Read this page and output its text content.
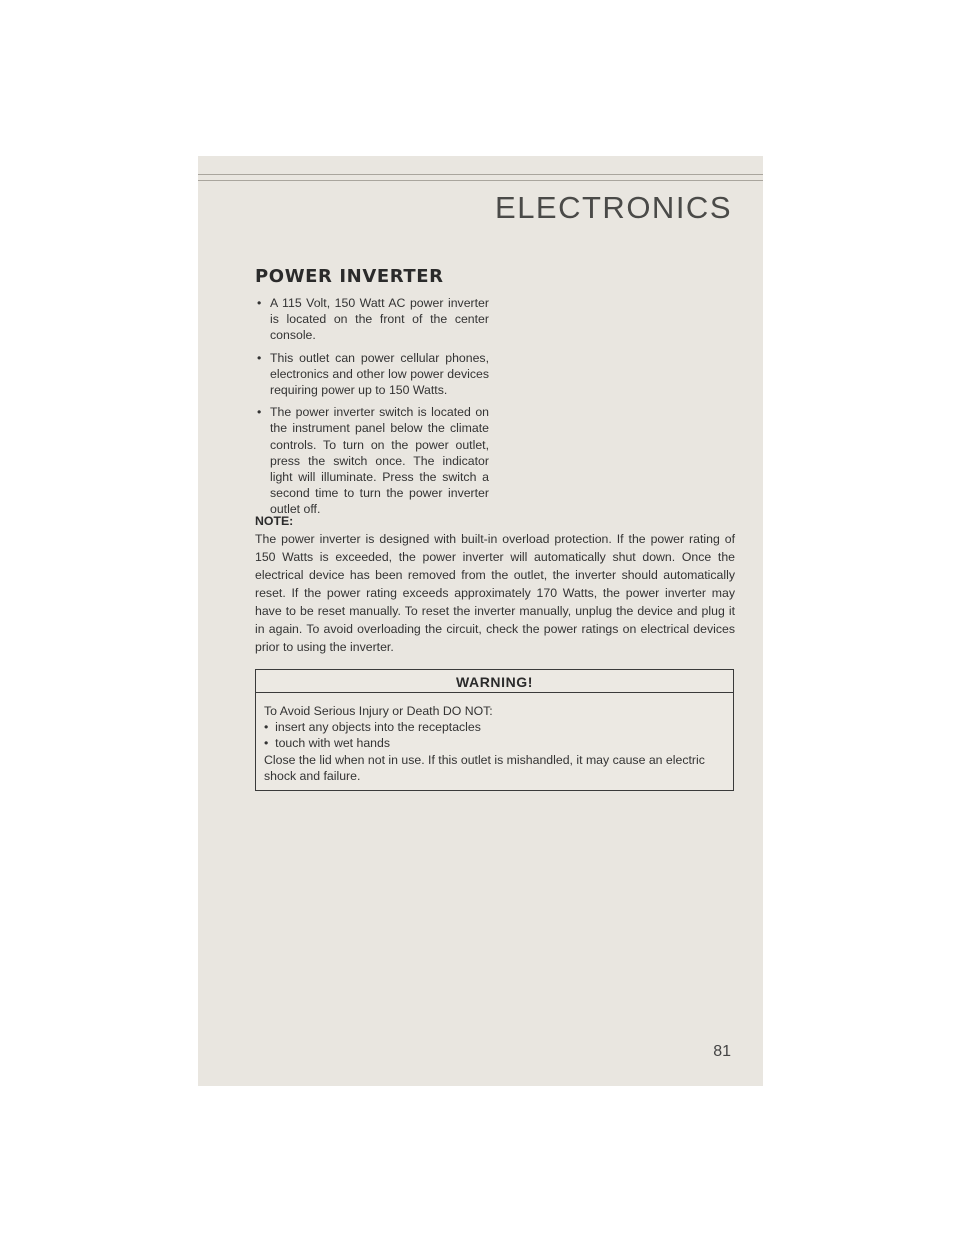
ELECTRONICS
POWER INVERTER
• A 115 Volt, 150 Watt AC power inverter is located on the front of the center console.
• This outlet can power cellular phones, electronics and other low power devices requiring power up to 150 Watts.
• The power inverter switch is located on the instrument panel below the climate controls. To turn on the power outlet, press the switch once. The indicator light will illuminate. Press the switch a second time to turn the power inverter outlet off.

NOTE:

The power inverter is designed with built-in overload protection. If the power rating of 150 Watts is exceeded, the power inverter will automatically shut down. Once the electrical device has been removed from the outlet, the inverter should automatically reset. If the power rating exceeds approximately 170 Watts, the power inverter may have to be reset manually. To reset the inverter manually, unplug the device and plug it in again. To avoid overloading the circuit, check the power ratings on electrical devices prior to using the inverter.

WARNING!

To Avoid Serious Injury or Death DO NOT:

• insert any objects into the receptacles

• touch with wet hands

Close the lid when not in use. If this outlet is mishandled, it may cause an electric shock and failure.

81
